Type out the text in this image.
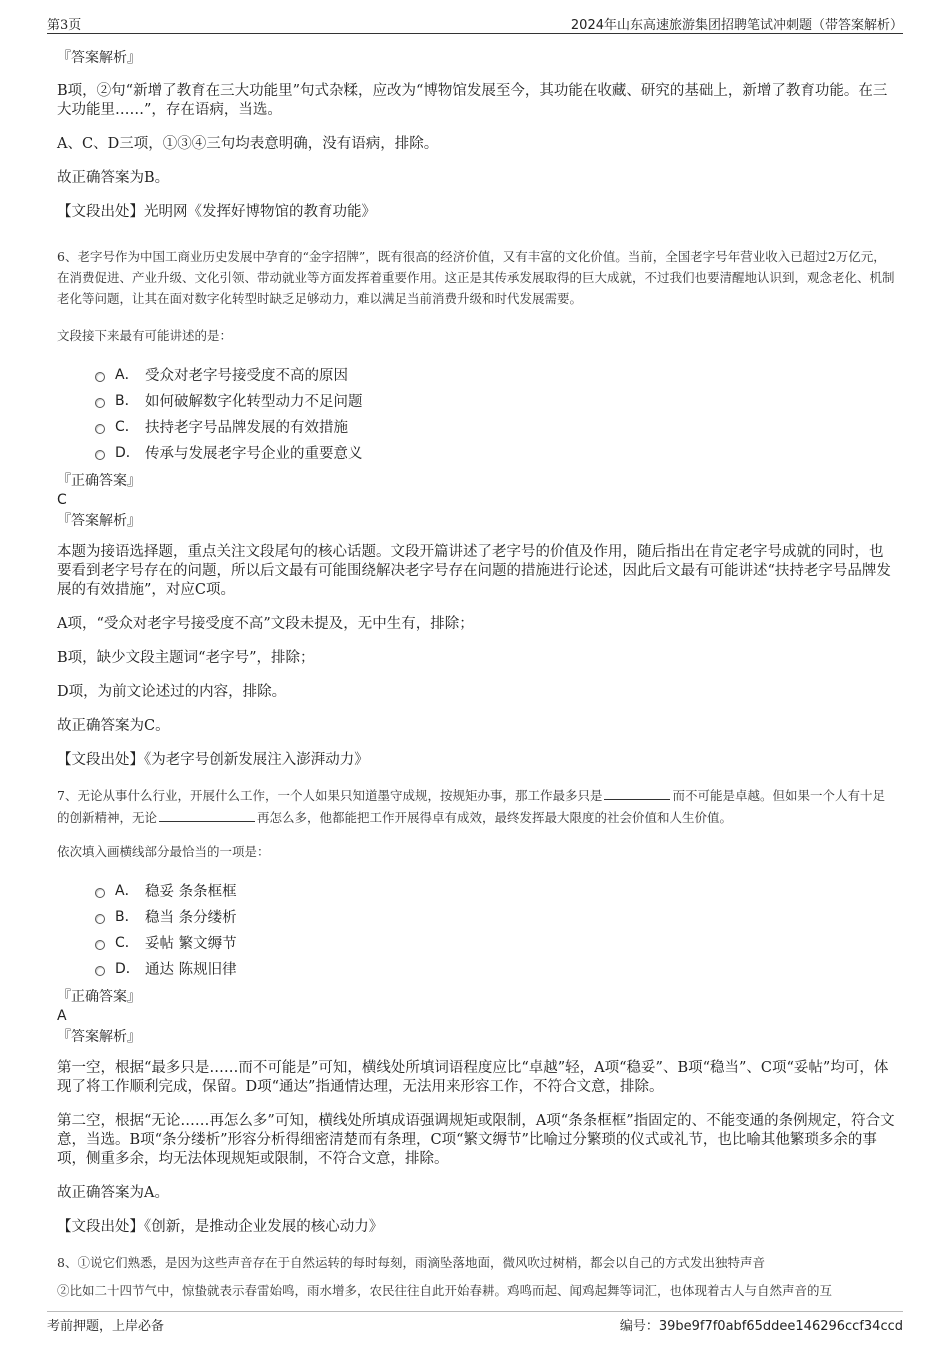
第3页	2024年山东高速旅游集团招聘笔试冲刺题（带答案解析）
『答案解析』
B项，②句“新增了教育在三大功能里”句式杂糅，应改为“博物馆发展至今，其功能在收藏、研究的基础上，新增了教育功能。在三大功能里……”，存在语病，当选。
A、C、D三项，①③④三句均表意明确，没有语病，排除。
故正确答案为B。
【文段出处】光明网《发挥好博物馆的教育功能》
6、老字号作为中国工商业历史发展中孕育的“金字招牌”，既有很高的经济价值，又有丰富的文化价值。当前，全国老字号年营业收入已超过2万亿元，在消费促进、产业升级、文化引领、带动就业等方面发挥着重要作用。这正是其传承发展取得的巨大成就，不过我们也要清醒地认识到，观念老化、机制老化等问题，让其在面对数字化转型时缺乏足够动力，难以满足当前消费升级和时代发展需要。
文段接下来最有可能讲述的是：
A． 受众对老字号接受度不高的原因
B． 如何破解数字化转型动力不足问题
C． 扶持老字号品牌发展的有效措施
D． 传承与发展老字号企业的重要意义
『正确答案』
C
『答案解析』
本题为接语选择题，重点关注文段尾句的核心话题。文段开篇讲述了老字号的价值及作用，随后指出在肯定老字号成就的同时，也要看到老字号存在的问题，所以后文最有可能围绕解决老字号存在问题的措施进行论述，因此后文最有可能讲述“扶持老字号品牌发展的有效措施”，对应C项。
A项，“受众对老字号接受度不高”文段未提及，无中生有，排除；
B项，缺少文段主题词“老字号”，排除；
D项，为前文论述过的内容，排除。
故正确答案为C。
【文段出处】《为老字号创新发展注入澎湃动力》
7、无论从事什么行业，开展什么工作，一个人如果只知道墨守成规，按规矩办事，那工作最多只是	而不可能是卓越。但如果一个人有十足的创新精神，无论	再怎么多，他都能把工作开展得卓有成效，最终发挥最大限度的社会价值和人生价值。
依次填入画横线部分最恰当的一项是：
A． 稳妥 条条框框
B． 稳当 条分缕析
C． 妥帖 繁文缛节
D． 通达 陈规旧律
『正确答案』
A
『答案解析』
第一空，根据“最多只是……而不可能是”可知，横线处所填词语程度应比“卓越”轻，A项“稳妥”、B项“稳当”、C项“妥帖”均可，体现了将工作顺利完成，保留。D项“通达”指通情达理，无法用来形容工作，不符合文意，排除。
第二空，根据“无论……再怎么多”可知，横线处所填成语强调规矩或限制，A项“条条框框”指固定的、不能变通的条例规定，符合文意，当选。B项“条分缕析”形容分析得细密清楚而有条理，C项“繁文缛节”比喻过分繁琐的仪式或礼节，也比喻其他繁琐多余的事项，侧重多余，均无法体现规矩或限制，不符合文意，排除。
故正确答案为A。
【文段出处】《创新，是推动企业发展的核心动力》
8、①说它们熟悉，是因为这些声音存在于自然运转的每时每刻，雨滴坠落地面，微风吹过树梢，都会以自己的方式发出独特声音
②比如二十四节气中，惊蛰就表示春雷始鸣，雨水增多，农民往往自此开始春耕。鸡鸣而起、闻鸡起舞等词汇，也体现着古人与自然声音的互
考前押题，上岸必备	编号：39be9f7f0abf65ddee146296ccf34ccd
